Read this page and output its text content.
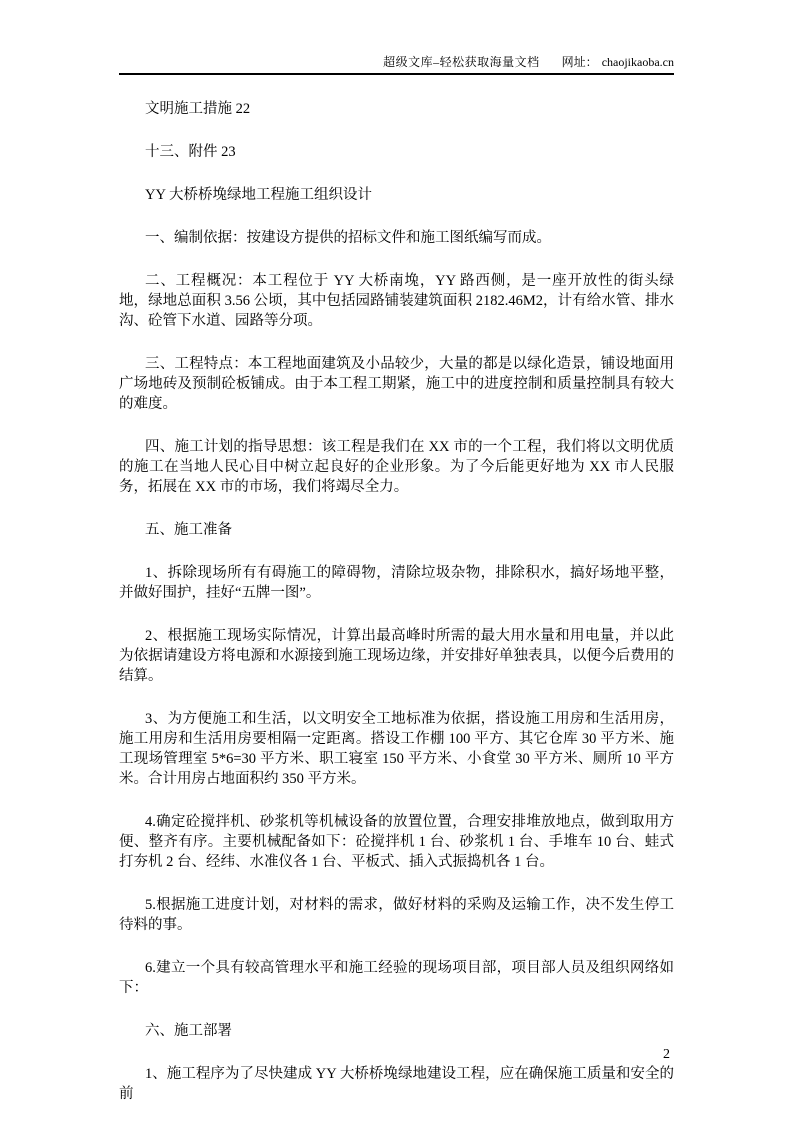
超级文库–轻松获取海量文档 网址： chaojikaoba.cn

文明施工措施 22

十三、附件 23

YY 大桥桥堍绿地工程施工组织设计

一、编制依据：按建设方提供的招标文件和施工图纸编写而成。

二、工程概况：本工程位于 YY 大桥南堍，YY 路西侧，是一座开放性的街头绿地，绿地总面积 3.56 公顷，其中包括园路铺装建筑面积 2182.46M2，计有给水管、排水沟、砼管下水道、园路等分项。

三、工程特点：本工程地面建筑及小品较少，大量的都是以绿化造景，铺设地面用广场地砖及预制砼板铺成。由于本工程工期紧，施工中的进度控制和质量控制具有较大的难度。

四、施工计划的指导思想：该工程是我们在 XX 市的一个工程，我们将以文明优质的施工在当地人民心目中树立起良好的企业形象。为了今后能更好地为 XX 市人民服务，拓展在 XX 市的市场，我们将竭尽全力。

五、施工准备

1、拆除现场所有有碍施工的障碍物，清除垃圾杂物，排除积水，搞好场地平整，并做好围护，挂好“五牌一图”。

2、根据施工现场实际情况，计算出最高峰时所需的最大用水量和用电量，并以此为依据请建设方将电源和水源接到施工现场边缘，并安排好单独表具，以便今后费用的结算。

3、为方便施工和生活，以文明安全工地标准为依据，搭设施工用房和生活用房，施工用房和生活用房要相隔一定距离。搭设工作棚 100 平方、其它仓库 30 平方米、施工现场管理室 5*6=30 平方米、职工寝室 150 平方米、小食堂 30 平方米、厕所 10 平方米。合计用房占地面积约 350 平方米。

4.确定砼搅拌机、砂浆机等机械设备的放置位置，合理安排堆放地点，做到取用方便、整齐有序。主要机械配备如下：砼搅拌机 1 台、砂浆机 1 台、手堆车 10 台、蛙式打夯机 2 台、经纬、水准仪各 1 台、平板式、插入式振捣机各 1 台。

5.根据施工进度计划，对材料的需求，做好材料的采购及运输工作，决不发生停工待料的事。

6.建立一个具有较高管理水平和施工经验的现场项目部，项目部人员及组织网络如下：

六、施工部署

1、施工程序为了尽快建成 YY 大桥桥堍绿地建设工程，应在确保施工质量和安全的前

2
